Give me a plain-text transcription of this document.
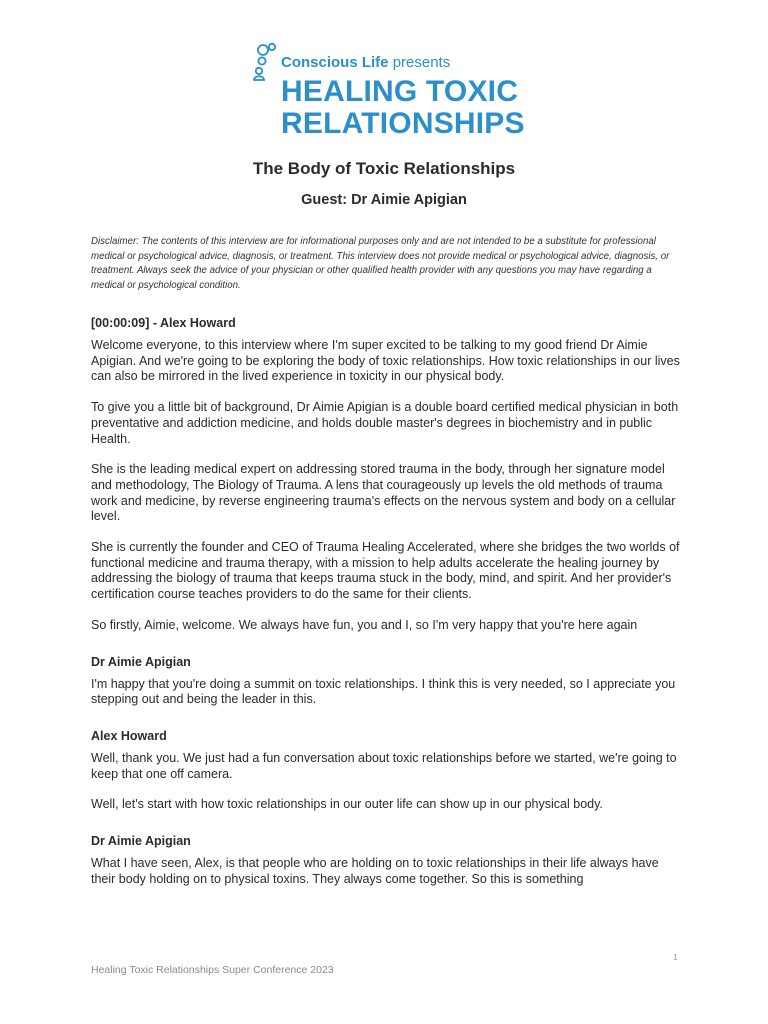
Conscious Life presents
HEALING TOXIC
RELATIONSHIPS
The Body of Toxic Relationships
Guest: Dr Aimie Apigian
Disclaimer: The contents of this interview are for informational purposes only and are not intended to be a substitute for professional medical or psychological advice, diagnosis, or treatment. This interview does not provide medical or psychological advice, diagnosis, or treatment. Always seek the advice of your physician or other qualified health provider with any questions you may have regarding a medical or psychological condition.
[00:00:09] - Alex Howard

Welcome everyone, to this interview where I'm super excited to be talking to my good friend Dr Aimie Apigian. And we're going to be exploring the body of toxic relationships. How toxic relationships in our lives can also be mirrored in the lived experience in toxicity in our physical body.

To give you a little bit of background, Dr Aimie Apigian is a double board certified medical physician in both preventative and addiction medicine, and holds double master's degrees in biochemistry and in public Health.

She is the leading medical expert on addressing stored trauma in the body, through her signature model and methodology, The Biology of Trauma. A lens that courageously up levels the old methods of trauma work and medicine, by reverse engineering trauma's effects on the nervous system and body on a cellular level.

She is currently the founder and CEO of Trauma Healing Accelerated, where she bridges the two worlds of functional medicine and trauma therapy, with a mission to help adults accelerate the healing journey by addressing the biology of trauma that keeps trauma stuck in the body, mind, and spirit. And her provider's certification course teaches providers to do the same for their clients.

So firstly, Aimie, welcome. We always have fun, you and I, so I'm very happy that you're here again

Dr Aimie Apigian

I'm happy that you're doing a summit on toxic relationships. I think this is very needed, so I appreciate you stepping out and being the leader in this.

Alex Howard

Well, thank you. We just had a fun conversation about toxic relationships before we started, we're going to keep that one off camera.

Well, let's start with how toxic relationships in our outer life can show up in our physical body.

Dr Aimie Apigian

What I have seen, Alex, is that people who are holding on to toxic relationships in their life always have their body holding on to physical toxins. They always come together. So this is something

1
Healing Toxic Relationships Super Conference 2023
